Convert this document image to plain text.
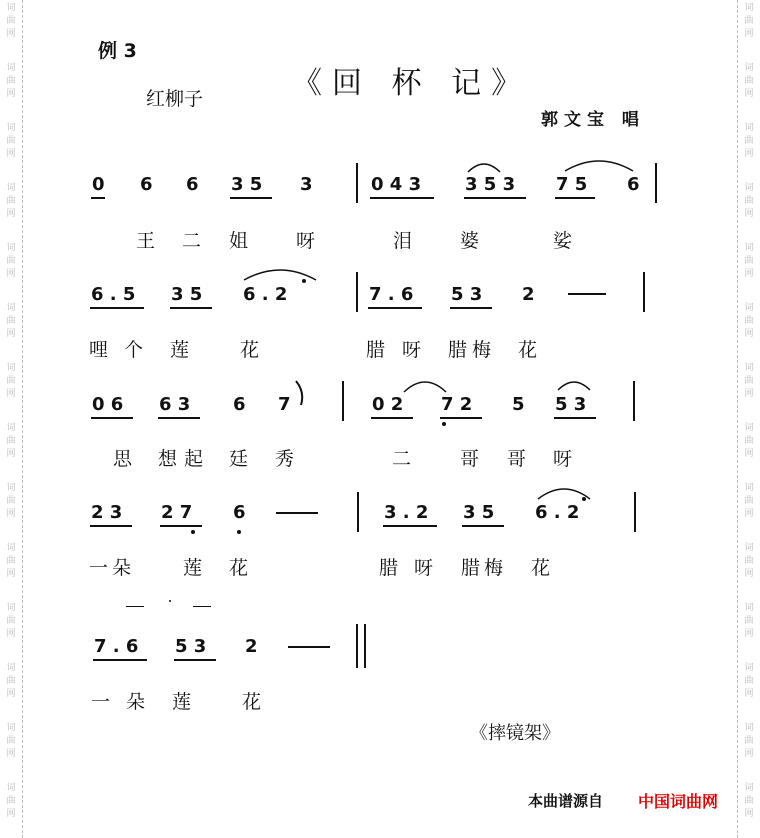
词
曲
网
词
曲
网
词
曲
网
词
曲
网
词
曲
网
词
曲
网
词
曲
网
词
曲
网
词
曲
网
词
曲
网
词
曲
网
词
曲
网
词
曲
网
词
曲
网
词
曲
网
词
曲
网
词
曲
网
词
曲
网
词
曲
网
词
曲
网
词
曲
网
词
曲
网
词
曲
网
词
曲
网
词
曲
网
词
曲
网
词
曲
网
词
曲
网
例 3
红柳子	《回 杯 记》
郭文宝 唱
0 6 6 3 5 3	0 4 3 3 5 3 7 5 6
王 二 姐	呀	泪	婆	娑
6 . 5 3 5 6 . 2	7 . 6 5 3 2
哩 个 莲	花	腊 呀 腊 梅 花
0 6 6 3 6 7	0 2 7 2 5 5 3
思 想 起 廷 秀	二	哥 哥 呀
2 3 2 7 6	3 . 2 3 5 6 . 2
一 朵	莲 花	腊 呀 腊 梅 花
7 . 6 5 3 2
一 朵 莲	花
《摔镜架》
本曲谱源自 中国词曲网
